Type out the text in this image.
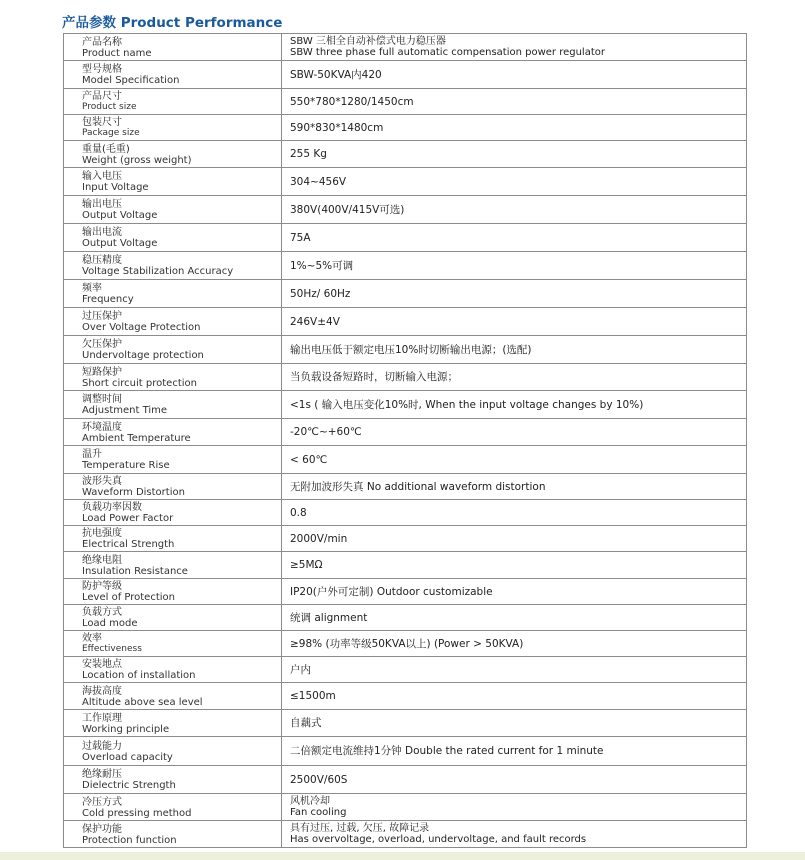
产品参数 Product Performance
产品名称
Product name	SBW 三相全自动补偿式电力稳压器
SBW three phase full automatic compensation power regulator

型号规格
Model Specification	SBW-50KVA内420

产品尺寸
Product size	550*780*1280/1450cm

包装尺寸
Package size	590*830*1480cm

重量(毛重)
Weight (gross weight)	255 Kg

输入电压
Input Voltage	304~456V

输出电压
Output Voltage	380V(400V/415V可选)

输出电流
Output Voltage	75A

稳压精度
Voltage Stabilization Accuracy	1%~5%可调

频率
Frequency	50Hz/ 60Hz

过压保护
Over Voltage Protection	246V±4V

欠压保护
Undervoltage protection	输出电压低于额定电压10%时切断输出电源；(选配)

短路保护
Short circuit protection	当负载设备短路时，切断输入电源；

调整时间
Adjustment Time	<1s ( 输入电压变化10%时, When the input voltage changes by 10%)

环境温度
Ambient Temperature	-20℃~+60℃

温升
Temperature Rise	< 60℃

波形失真
Waveform Distortion	无附加波形失真 No additional waveform distortion

负载功率因数
Load Power Factor	0.8

抗电强度
Electrical Strength	2000V/min

绝缘电阻
Insulation Resistance	≥5MΩ

防护等级
Level of Protection	IP20(户外可定制) Outdoor customizable

负载方式
Load mode	统调 alignment

效率
Effectiveness	≥98% (功率等级50KVA以上) (Power > 50KVA)

安装地点
Location of installation	户内

海拔高度
Altitude above sea level	≤1500m

工作原理
Working principle	自藕式

过载能力
Overload capacity	二倍额定电流维持1分钟 Double the rated current for 1 minute

绝缘耐压
Dielectric Strength	2500V/60S

冷压方式
Cold pressing method	风机冷却
Fan cooling

保护功能
Protection function	具有过压, 过载, 欠压, 故障记录
Has overvoltage, overload, undervoltage, and fault records
